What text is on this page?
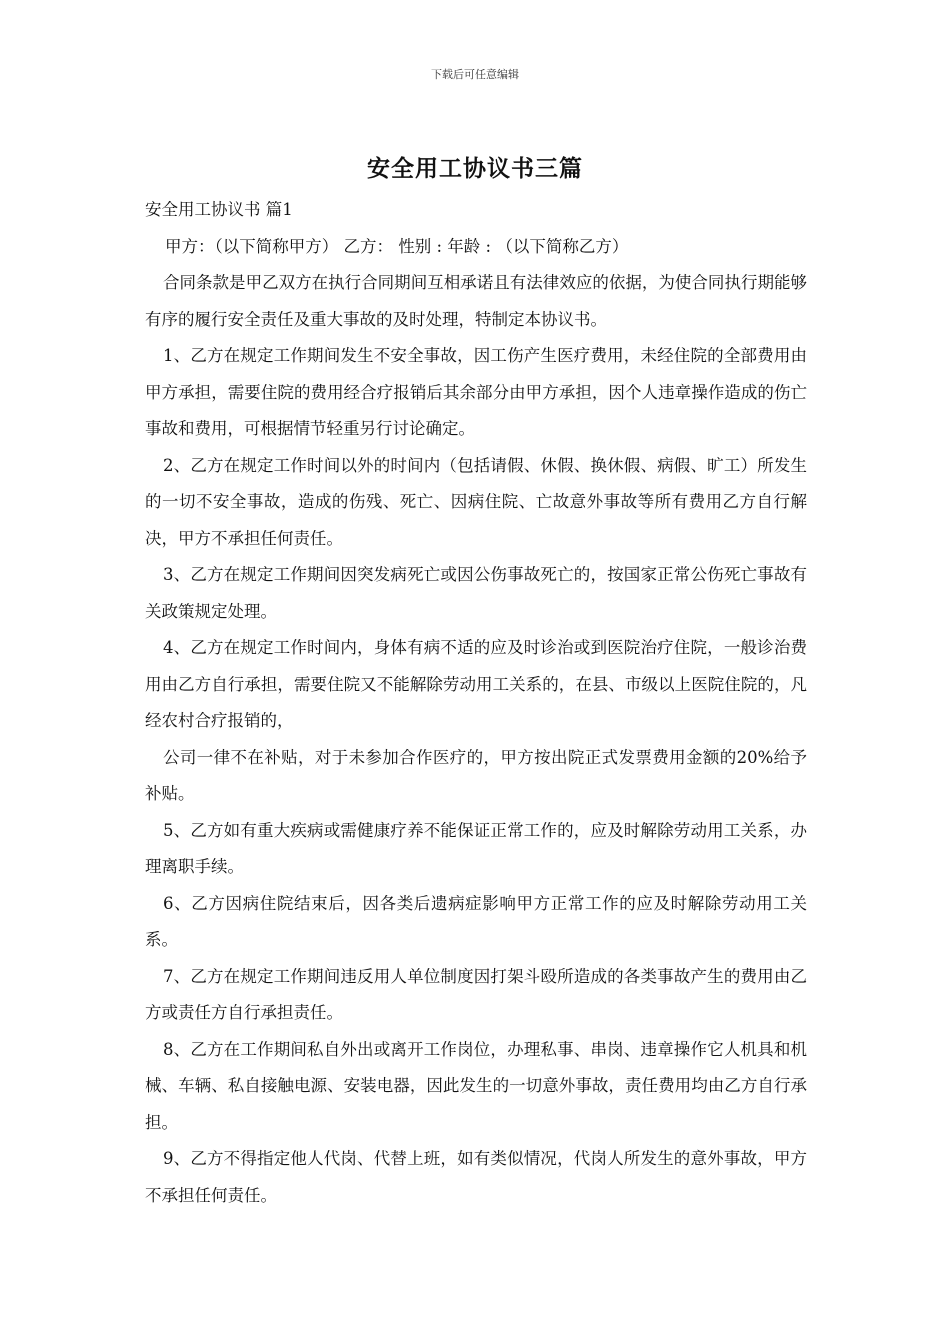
下载后可任意编辑
安全用工协议书三篇

安全用工协议书 篇1

甲方：（以下简称甲方） 乙方： 性别 : 年龄 : （以下简称乙方）

合同条款是甲乙双方在执行合同期间互相承诺且有法律效应的依据，为使合同执行期能够有序的履行安全责任及重大事故的及时处理，特制定本协议书。

1、乙方在规定工作期间发生不安全事故，因工伤产生医疗费用，未经住院的全部费用由甲方承担，需要住院的费用经合疗报销后其余部分由甲方承担，因个人违章操作造成的伤亡事故和费用，可根据情节轻重另行讨论确定。

2、乙方在规定工作时间以外的时间内（包括请假、休假、换休假、病假、旷工）所发生的一切不安全事故，造成的伤残、死亡、因病住院、亡故意外事故等所有费用乙方自行解决，甲方不承担任何责任。

3、乙方在规定工作期间因突发病死亡或因公伤事故死亡的，按国家正常公伤死亡事故有关政策规定处理。

4、乙方在规定工作时间内，身体有病不适的应及时诊治或到医院治疗住院，一般诊治费用由乙方自行承担，需要住院又不能解除劳动用工关系的，在县、市级以上医院住院的，凡经农村合疗报销的，

公司一律不在补贴，对于未参加合作医疗的，甲方按出院正式发票费用金额的20%给予补贴。

5、乙方如有重大疾病或需健康疗养不能保证正常工作的，应及时解除劳动用工关系，办理离职手续。

6、乙方因病住院结束后，因各类后遗病症影响甲方正常工作的应及时解除劳动用工关系。

7、乙方在规定工作期间违反用人单位制度因打架斗殴所造成的各类事故产生的费用由乙方或责任方自行承担责任。

8、乙方在工作期间私自外出或离开工作岗位，办理私事、串岗、违章操作它人机具和机械、车辆、私自接触电源、安装电器，因此发生的一切意外事故，责任费用均由乙方自行承担。

9、乙方不得指定他人代岗、代替上班，如有类似情况，代岗人所发生的意外事故，甲方不承担任何责任。
